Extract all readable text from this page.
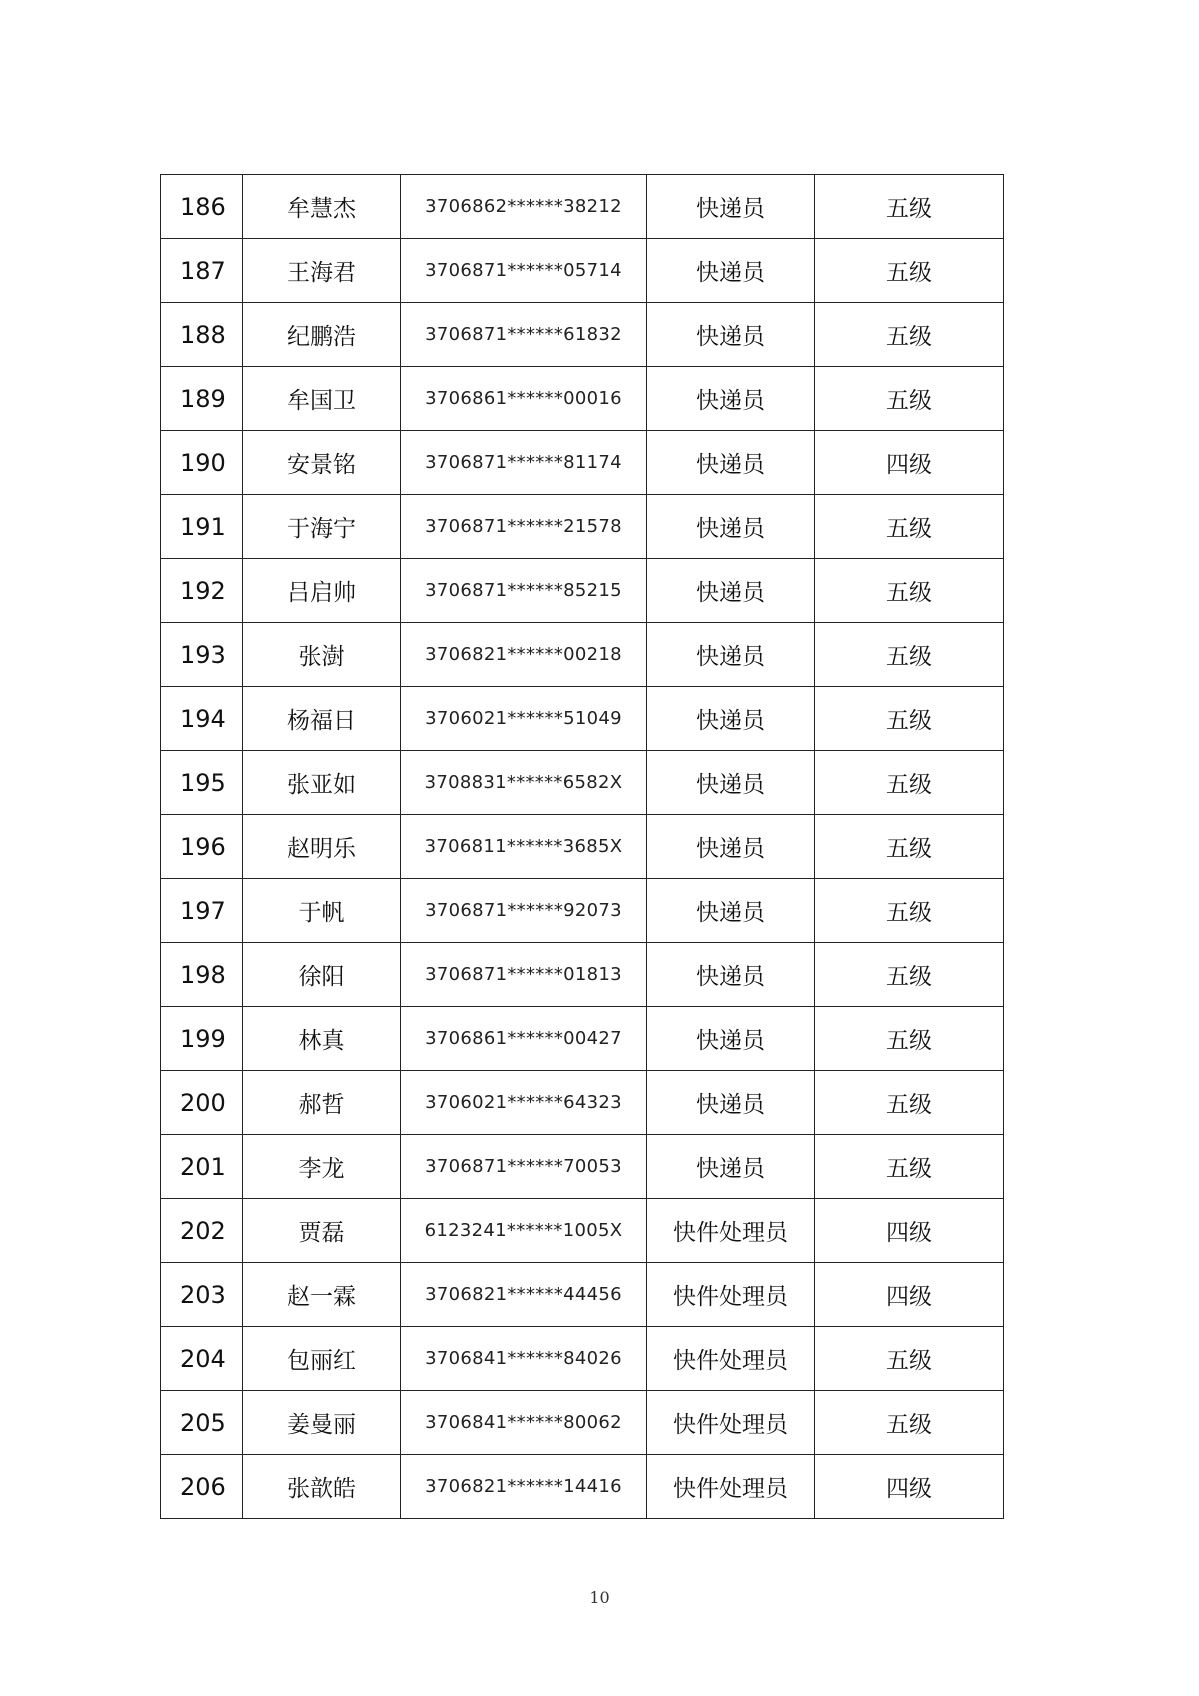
186	牟慧杰	3706862******38212	快递员	五级
187	王海君	3706871******05714	快递员	五级
188	纪鹏浩	3706871******61832	快递员	五级
189	牟国卫	3706861******00016	快递员	五级
190	安景铭	3706871******81174	快递员	四级
191	于海宁	3706871******21578	快递员	五级
192	吕启帅	3706871******85215	快递员	五级
193	张澍	3706821******00218	快递员	五级
194	杨福日	3706021******51049	快递员	五级
195	张亚如	3708831******6582X	快递员	五级
196	赵明乐	3706811******3685X	快递员	五级
197	于帆	3706871******92073	快递员	五级
198	徐阳	3706871******01813	快递员	五级
199	林真	3706861******00427	快递员	五级
200	郝哲	3706021******64323	快递员	五级
201	李龙	3706871******70053	快递员	五级
202	贾磊	6123241******1005X	快件处理员	四级
203	赵一霖	3706821******44456	快件处理员	四级
204	包丽红	3706841******84026	快件处理员	五级
205	姜曼丽	3706841******80062	快件处理员	五级
206	张歆皓	3706821******14416	快件处理员	四级
10
